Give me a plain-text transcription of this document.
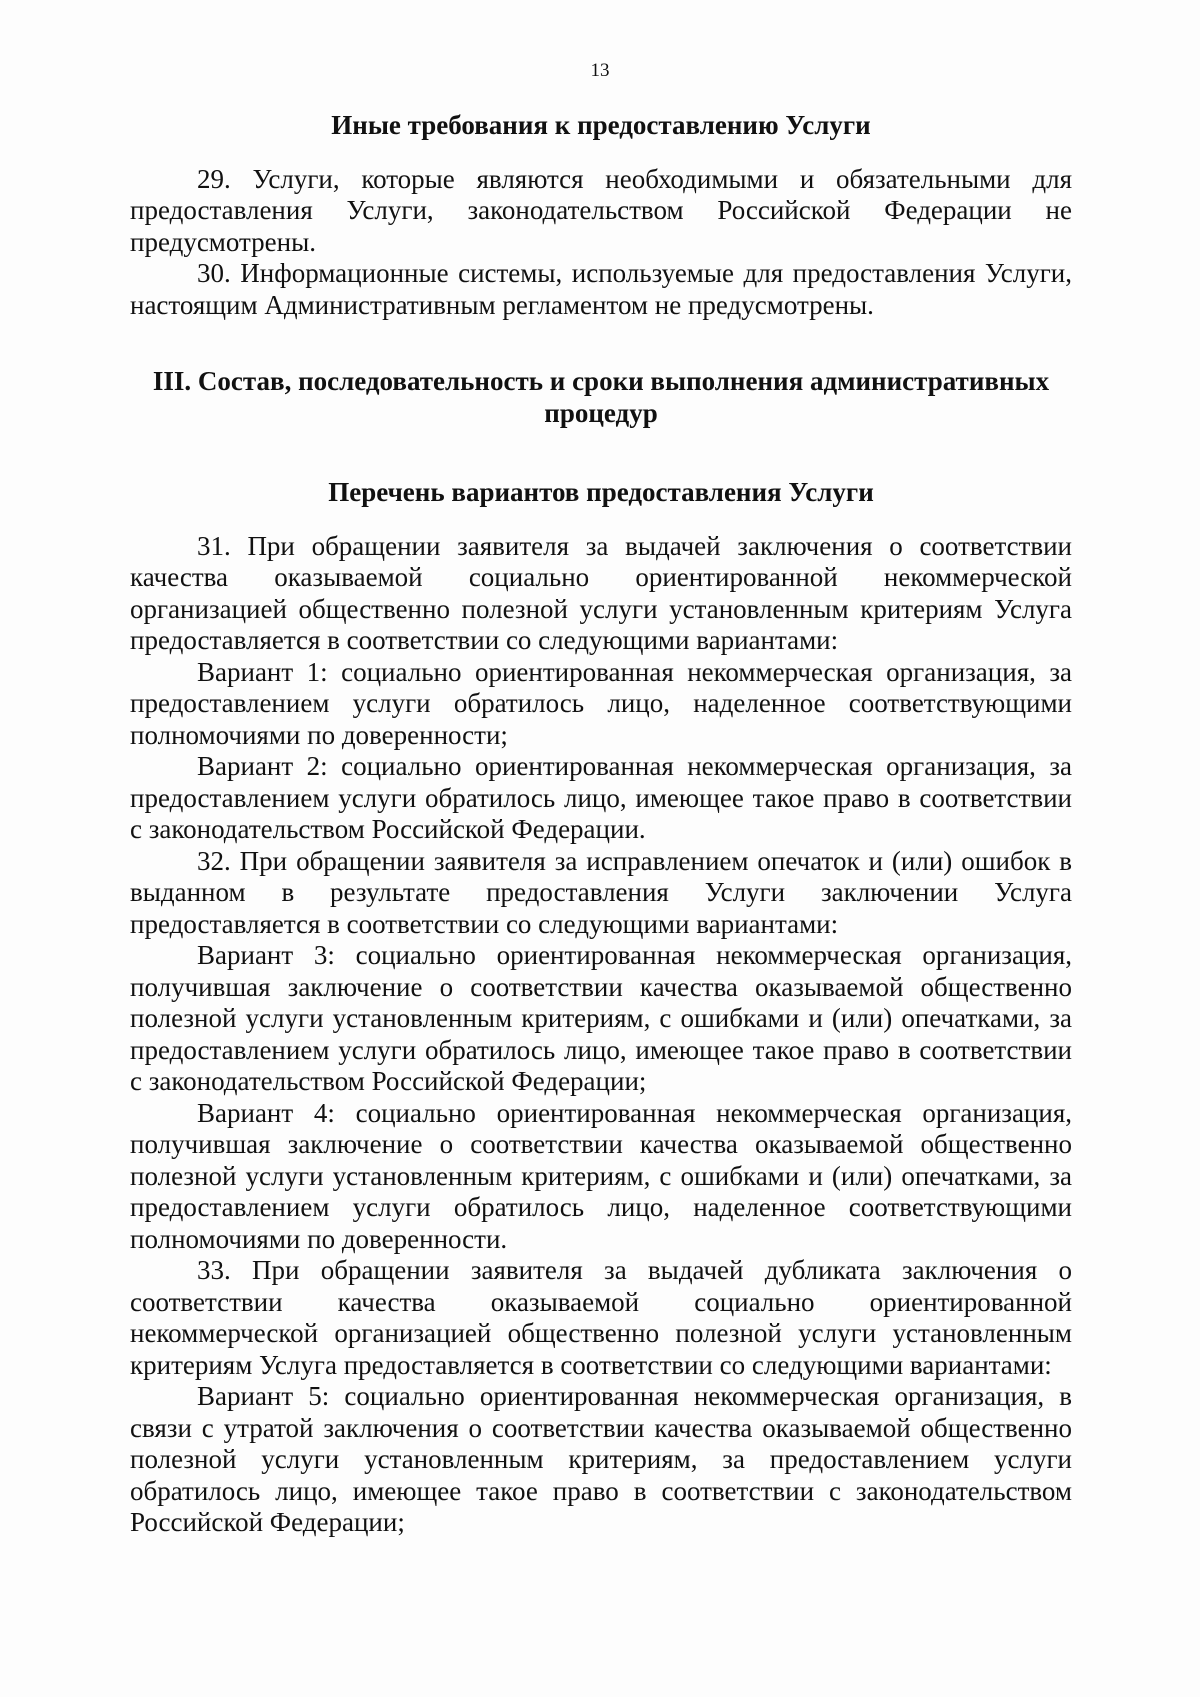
13

Иные требования к предоставлению Услуги

29. Услуги, которые являются необходимыми и обязательными для предоставления Услуги, законодательством Российской Федерации не предусмотрены.

30. Информационные системы, используемые для предоставления Услуги, настоящим Административным регламентом не предусмотрены.

III. Состав, последовательность и сроки выполнения административных процедур

Перечень вариантов предоставления Услуги

31. При обращении заявителя за выдачей заключения о соответствии качества оказываемой социально ориентированной некоммерческой организацией общественно полезной услуги установленным критериям Услуга предоставляется в соответствии со следующими вариантами:

Вариант 1: социально ориентированная некоммерческая организация, за предоставлением услуги обратилось лицо, наделенное соответствующими полномочиями по доверенности;

Вариант 2: социально ориентированная некоммерческая организация, за предоставлением услуги обратилось лицо, имеющее такое право в соответствии с законодательством Российской Федерации.

32. При обращении заявителя за исправлением опечаток и (или) ошибок в выданном в результате предоставления Услуги заключении Услуга предоставляется в соответствии со следующими вариантами:

Вариант 3: социально ориентированная некоммерческая организация, получившая заключение о соответствии качества оказываемой общественно полезной услуги установленным критериям, с ошибками и (или) опечатками, за предоставлением услуги обратилось лицо, имеющее такое право в соответствии с законодательством Российской Федерации;

Вариант 4: социально ориентированная некоммерческая организация, получившая заключение о соответствии качества оказываемой общественно полезной услуги установленным критериям, с ошибками и (или) опечатками, за предоставлением услуги обратилось лицо, наделенное соответствующими полномочиями по доверенности.

33. При обращении заявителя за выдачей дубликата заключения о соответствии качества оказываемой социально ориентированной некоммерческой организацией общественно полезной услуги установленным критериям Услуга предоставляется в соответствии со следующими вариантами:

Вариант 5: социально ориентированная некоммерческая организация, в связи с утратой заключения о соответствии качества оказываемой общественно полезной услуги установленным критериям, за предоставлением услуги обратилось лицо, имеющее такое право в соответствии с законодательством Российской Федерации;
